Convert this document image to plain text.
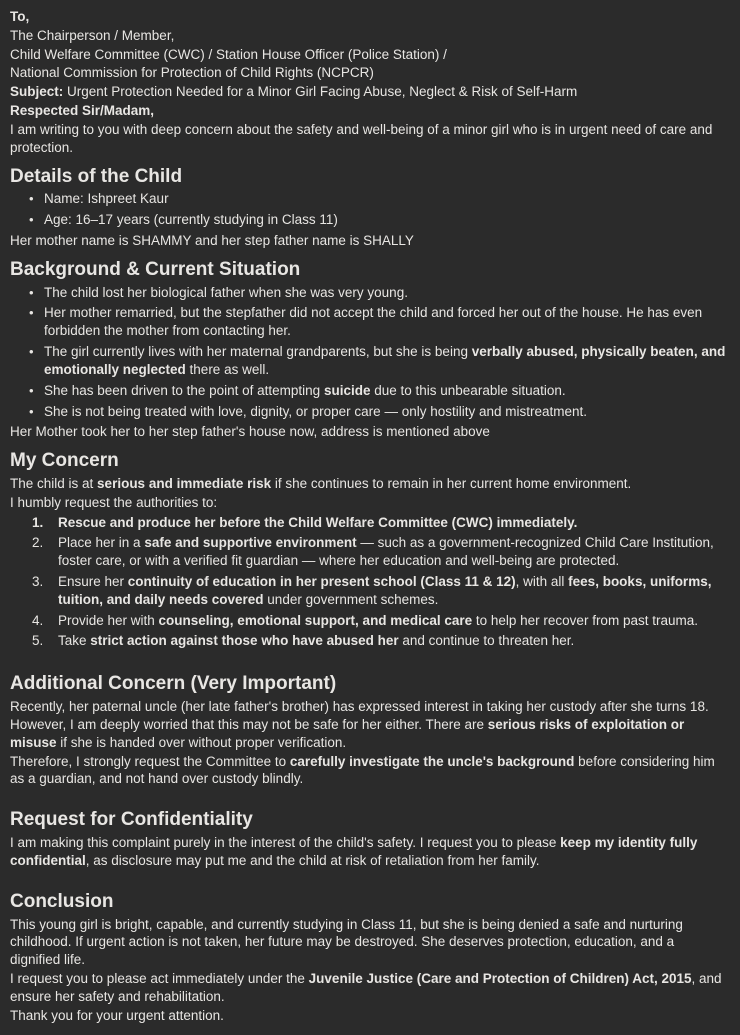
To,
The Chairperson / Member,
Child Welfare Committee (CWC) / Station House Officer (Police Station) /
National Commission for Protection of Child Rights (NCPCR)
Subject: Urgent Protection Needed for a Minor Girl Facing Abuse, Neglect & Risk of Self-Harm
Respected Sir/Madam,
I am writing to you with deep concern about the safety and well-being of a minor girl who is in urgent need of care and protection.
Details of the Child
• Name: Ishpreet Kaur
• Age: 16–17 years (currently studying in Class 11)
Her mother name is SHAMMY and her step father name is SHALLY
Background & Current Situation
• The child lost her biological father when she was very young.
• Her mother remarried, but the stepfather did not accept the child and forced her out of the house. He has even forbidden the mother from contacting her.
• The girl currently lives with her maternal grandparents, but she is being verbally abused, physically beaten, and emotionally neglected there as well.
• She has been driven to the point of attempting suicide due to this unbearable situation.
• She is not being treated with love, dignity, or proper care — only hostility and mistreatment.
Her Mother took her to her step father's house now, address is mentioned above
My Concern
The child is at serious and immediate risk if she continues to remain in her current home environment.
I humbly request the authorities to:
Rescue and produce her before the Child Welfare Committee (CWC) immediately.
Place her in a safe and supportive environment — such as a government-recognized Child Care Institution, foster care, or with a verified fit guardian — where her education and well-being are protected.
Ensure her continuity of education in her present school (Class 11 & 12), with all fees, books, uniforms, tuition, and daily needs covered under government schemes.
Provide her with counseling, emotional support, and medical care to help her recover from past trauma.
Take strict action against those who have abused her and continue to threaten her.
Additional Concern (Very Important)
Recently, her paternal uncle (her late father's brother) has expressed interest in taking her custody after she turns 18. However, I am deeply worried that this may not be safe for her either. There are serious risks of exploitation or misuse if she is handed over without proper verification.
Therefore, I strongly request the Committee to carefully investigate the uncle's background before considering him as a guardian, and not hand over custody blindly.
Request for Confidentiality
I am making this complaint purely in the interest of the child's safety. I request you to please keep my identity fully confidential, as disclosure may put me and the child at risk of retaliation from her family.
Conclusion
This young girl is bright, capable, and currently studying in Class 11, but she is being denied a safe and nurturing childhood. If urgent action is not taken, her future may be destroyed. She deserves protection, education, and a dignified life.
I request you to please act immediately under the Juvenile Justice (Care and Protection of Children) Act, 2015, and ensure her safety and rehabilitation.
Thank you for your urgent attention.
